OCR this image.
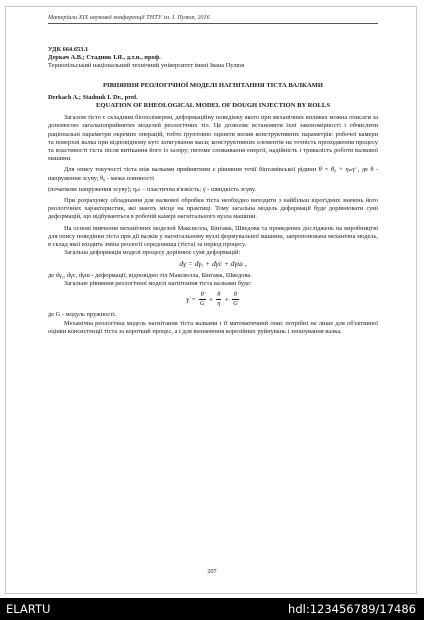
Матеріали XIX наукової конференції ТНТУ ім. І. Пулюя, 2016
УДК 664.653.1
Деркач А.В.; Стадник І.Я., д.т.н., проф.
Тернопільський національний технічний університет імені Івана Пулюя
РІВНЯННЯ РЕОЛОГІЧНОЇ МОДЕЛІ НАГНІТАННЯ ТІСТА ВАЛКАМИ
Derkach A.; Stadnuk I. Dr., prof.
EQUATION OF RHEOLOGICAL MODEL OF DOUGH INJECTION BY ROLLS

Загалом тісто є складним біополімером, деформаційну поведінку якого при механічних впливах можна описати за допомогою загальноприйнятих моделей реологічних тіл. Це дозволяє встановити їхні закономірності і обчислити раціональні параметри окремих операцій, тобто ґрунтовно оцінити вплив конструктивних параметрів: робочої камери та поверхні валка при відповідному куті затягування маси; конструктивних елементів на точність проходження процесу та властивості тіста після витікання його із зазору; питоме споживання енергії, надійність і тривалість роботи валкової машини.

Для опису текучості тіста між валками прийнятним є рівняння течії бінгамівської рідини θ = θ₀ + ηₚₗγ̇ , де θ - напруження зсуву; θ₀ - межа плинності

(початкове напруження зсуву); ηₚₗ – пластична в'язкість; γ̇ - швидкість зсуву.

При розрахунку обладнання для валкової обробки тіста необхідно виходити з найбільш вірогідних значень його реологічних характеристик, які мають місце на практиці. Тому загальна модель деформації буде дорівнювати сумі деформацій, що відбуваються в робочій камері нагнітального вузла машини.

На основі вивчення механічних моделей Максвелла, Бінгама, Шведова та проведених досліджень на виробництві для опису поведінки тіста при дії валків у нагнітальному вузлі формувальної машини, запропонована механічна модель, в склад якої входить зміна реології середовища (тіста) за період процесу.

Загальна деформація моделі процесу дорівнює сумі деформацій:

dγ = dγₓ + dγc + dγш ,

де dγₓ, dγc, dγш - деформації, відповідно тіл Максвелла, Бінгама, Шведова.

Загальне рівняння реологічної моделі нагнітання тіста валками буде:

γ̇ = $\frac{\thetȧ}{G} + \frac{\theta}{\eta} + \frac{\thetȧ}{G}$

де G - модуль пружності.

Механічна реологічна модель нагнітання тіста валками і її математичний опис потрібні не лише для об'єктивної оцінки консистенції тіста за короткий процес, а і для визначення корозійних руйнувань і зношування валка.

207
ELARTU	hdl:123456789/17486
